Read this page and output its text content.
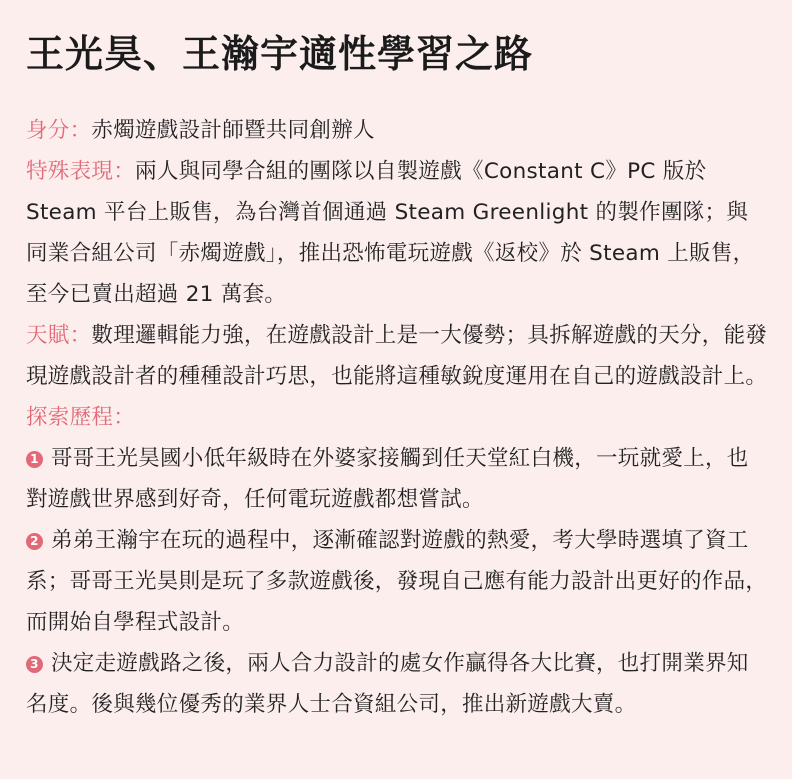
王光昊、王瀚宇適性學習之路

身分：赤燭遊戲設計師暨共同創辦人

特殊表現：兩人與同學合組的團隊以自製遊戲《Constant C》PC 版於 Steam 平台上販售，為台灣首個通過 Steam Greenlight 的製作團隊；與同業合組公司「赤燭遊戲」，推出恐怖電玩遊戲《返校》於 Steam 上販售，至今已賣出超過 21 萬套。

天賦：數理邏輯能力強，在遊戲設計上是一大優勢；具拆解遊戲的天分，能發現遊戲設計者的種種設計巧思，也能將這種敏銳度運用在自己的遊戲設計上。

探索歷程：

1 哥哥王光昊國小低年級時在外婆家接觸到任天堂紅白機，一玩就愛上，也對遊戲世界感到好奇，任何電玩遊戲都想嘗試。

2 弟弟王瀚宇在玩的過程中，逐漸確認對遊戲的熱愛，考大學時選填了資工系；哥哥王光昊則是玩了多款遊戲後，發現自己應有能力設計出更好的作品，而開始自學程式設計。

3 決定走遊戲路之後，兩人合力設計的處女作贏得各大比賽，也打開業界知名度。後與幾位優秀的業界人士合資組公司，推出新遊戲大賣。
